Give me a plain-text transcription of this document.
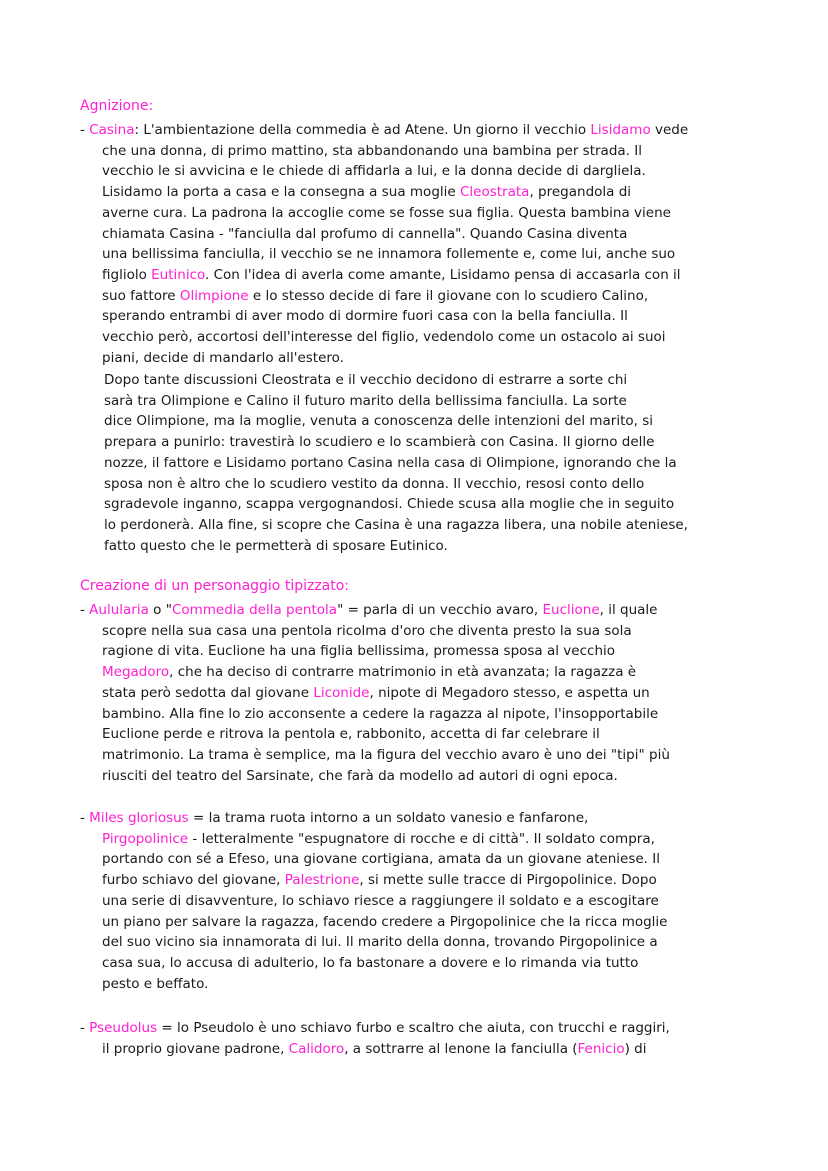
Agnizione:
- Casina: L'ambientazione della commedia è ad Atene. Un giorno il vecchio Lisidamo vede
che una donna, di primo mattino, sta abbandonando una bambina per strada. Il
vecchio le si avvicina e le chiede di affidarla a lui, e la donna decide di dargliela.
Lisidamo la porta a casa e la consegna a sua moglie Cleostrata, pregandola di
averne cura. La padrona la accoglie come se fosse sua figlia. Questa bambina viene
chiamata Casina - "fanciulla dal profumo di cannella". Quando Casina diventa
una bellissima fanciulla, il vecchio se ne innamora follemente e, come lui, anche suo
figliolo Eutinico. Con l'idea di averla come amante, Lisidamo pensa di accasarla con il
suo fattore Olimpione e lo stesso decide di fare il giovane con lo scudiero Calino,
sperando entrambi di aver modo di dormire fuori casa con la bella fanciulla. Il
vecchio però, accortosi dell'interesse del figlio, vedendolo come un ostacolo ai suoi
piani, decide di mandarlo all'estero.
Dopo tante discussioni Cleostrata e il vecchio decidono di estrarre a sorte chi
sarà tra Olimpione e Calino il futuro marito della bellissima fanciulla. La sorte
dice Olimpione, ma la moglie, venuta a conoscenza delle intenzioni del marito, si
prepara a punirlo: travestirà lo scudiero e lo scambierà con Casina. Il giorno delle
nozze, il fattore e Lisidamo portano Casina nella casa di Olimpione, ignorando che la
sposa non è altro che lo scudiero vestito da donna. Il vecchio, resosi conto dello
sgradevole inganno, scappa vergognandosi. Chiede scusa alla moglie che in seguito
lo perdonerà. Alla fine, si scopre che Casina è una ragazza libera, una nobile ateniese,
fatto questo che le permetterà di sposare Eutinico.
Creazione di un personaggio tipizzato:
- Aulularia o "Commedia della pentola" = parla di un vecchio avaro, Euclione, il quale
scopre nella sua casa una pentola ricolma d'oro che diventa presto la sua sola
ragione di vita. Euclione ha una figlia bellissima, promessa sposa al vecchio
Megadoro, che ha deciso di contrarre matrimonio in età avanzata; la ragazza è
stata però sedotta dal giovane Liconide, nipote di Megadoro stesso, e aspetta un
bambino. Alla fine lo zio acconsente a cedere la ragazza al nipote, l'insopportabile
Euclione perde e ritrova la pentola e, rabbonito, accetta di far celebrare il
matrimonio. La trama è semplice, ma la figura del vecchio avaro è uno dei "tipi" più
riusciti del teatro del Sarsinate, che farà da modello ad autori di ogni epoca.
- Miles gloriosus = la trama ruota intorno a un soldato vanesio e fanfarone,
Pirgopolinice - letteralmente "espugnatore di rocche e di città". Il soldato compra,
portando con sé a Efeso, una giovane cortigiana, amata da un giovane ateniese. Il
furbo schiavo del giovane, Palestrione, si mette sulle tracce di Pirgopolinice. Dopo
una serie di disavventure, lo schiavo riesce a raggiungere il soldato e a escogitare
un piano per salvare la ragazza, facendo credere a Pirgopolinice che la ricca moglie
del suo vicino sia innamorata di lui. Il marito della donna, trovando Pirgopolinice a
casa sua, lo accusa di adulterio, lo fa bastonare a dovere e lo rimanda via tutto
pesto e beffato.
- Pseudolus = lo Pseudolo è uno schiavo furbo e scaltro che aiuta, con trucchi e raggiri,
il proprio giovane padrone, Calidoro, a sottrarre al lenone la fanciulla (Fenicio) di
